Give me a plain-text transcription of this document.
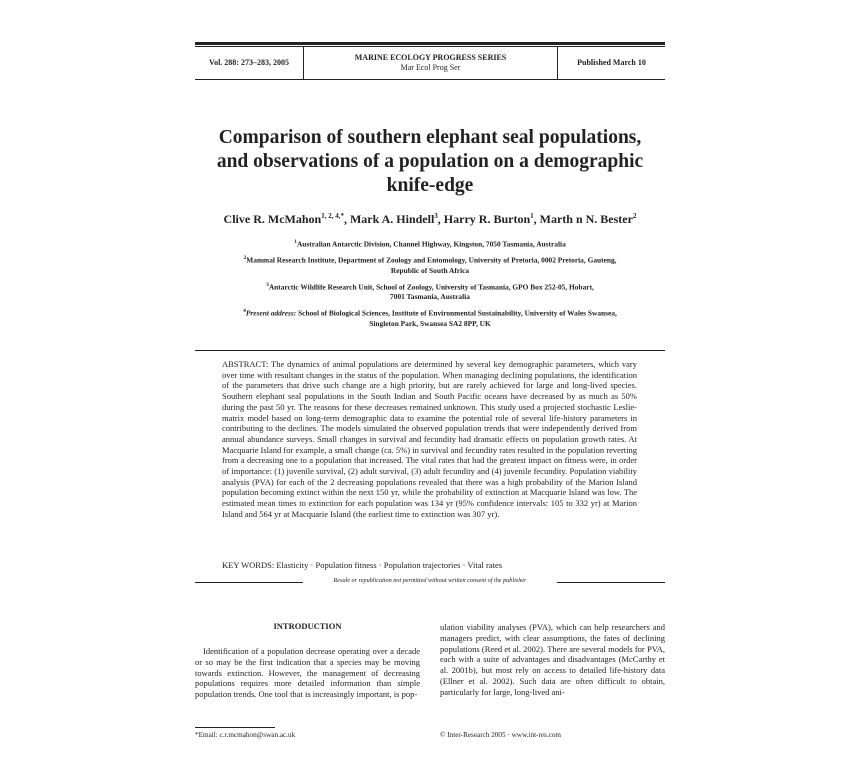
Vol. 288: 273–283, 2005
MARINE ECOLOGY PROGRESS SERIES
Mar Ecol Prog Ser
Published March 10
Comparison of southern elephant seal populations,
and observations of a population on a demographic
knife-edge
Clive R. McMahon$^{1, 2, 4,*}$, Mark A. Hindell$^3$, Harry R. Burton$^1$, Marth n N. Bester$^2$

$^1$Australian Antarctic Division, Channel Highway, Kingston, 7050 Tasmania, Australia

$^2$Mammal Research Institute, Department of Zoology and Entomology, University of Pretoria, 0002 Pretoria, Gauteng,
Republic of South Africa

$^3$Antarctic Wildlife Research Unit, School of Zoology, University of Tasmania, GPO Box 252-05, Hobart,
7001 Tasmania, Australia

$^4$Present address: School of Biological Sciences, Institute of Environmental Sustainability, University of Wales Swansea,
Singleton Park, Swansea SA2 8PP, UK

ABSTRACT: The dynamics of animal populations are determined by several key demographic parameters, which vary over time with resultant changes in the status of the population. When managing declining populations, the identification of the parameters that drive such change are a high priority, but are rarely achieved for large and long-lived species. Southern elephant seal populations in the South Indian and South Pacific oceans have decreased by as much as 50% during the past 50 yr. The reasons for these decreases remained unknown. This study used a projected stochastic Leslie-matrix model based on long-term demographic data to examine the potential role of several life-history parameters in contributing to the declines. The models simulated the observed population trends that were independently derived from annual abundance surveys. Small changes in survival and fecundity had dramatic effects on population growth rates. At Macquarie Island for example, a small change (ca. 5%) in survival and fecundity rates resulted in the population reverting from a decreasing one to a population that increased. The vital rates that had the greatest impact on fitness were, in order of importance: (1) juvenile survival, (2) adult survival, (3) adult fecundity and (4) juvenile fecundity. Population viability analysis (PVA) for each of the 2 decreasing populations revealed that there was a high probability of the Marion Island population becoming extinct within the next 150 yr, while the probability of extinction at Macquarie Island was low. The estimated mean times to extinction for each population was 134 yr (95% confidence intervals: 105 to 332 yr) at Marion Island and 564 yr at Macquarie Island (the earliest time to extinction was 307 yr).

KEY WORDS: Elasticity · Population fitness · Population trajectories · Vital rates
Resale or republication not permitted without written consent of the publisher
INTRODUCTION

Identification of a population decrease operating over a decade or so may be the first indication that a species may be moving towards extinction. However, the management of decreasing populations requires more detailed information than simple population trends. One tool that is increasingly important, is pop-

ulation viability analyses (PVA), which can help researchers and managers predict, with clear assumptions, the fates of declining populations (Reed et al. 2002). There are several models for PVA, each with a suite of advantages and disadvantages (McCarthy et al. 2001b), but most rely on access to detailed life-history data (Ellner et al. 2002). Such data are often difficult to obtain, particularly for large, long-lived ani-

*Email: c.r.mcmahon@swan.ac.uk	© Inter-Research 2005 · www.int-res.com
